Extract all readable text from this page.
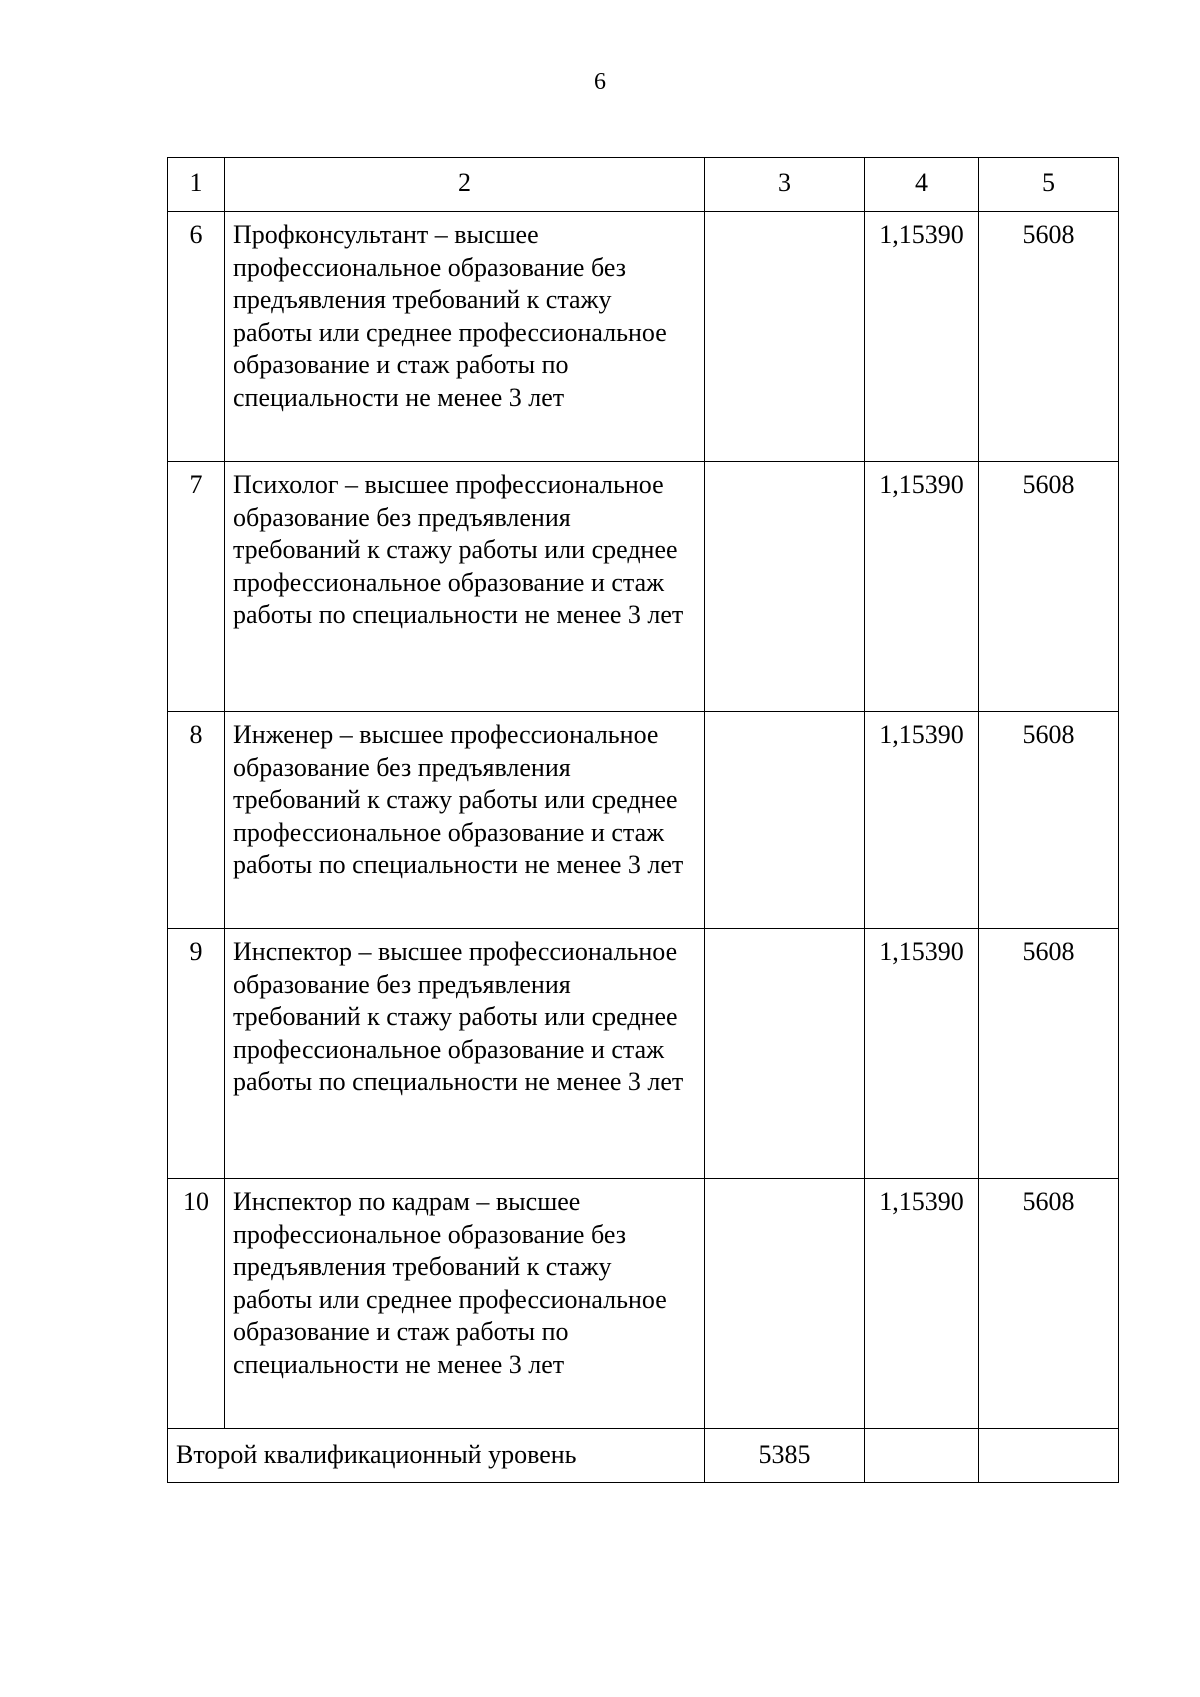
6
1	2	3	4	5
6	Профконсультант – высшее профессиональное образование без предъявления требований к стажу работы или среднее профессиональное образование и стаж работы по специальности не менее 3 лет		1,15390	5608
7	Психолог – высшее профессиональное образование без предъявления требований к стажу работы или среднее профессиональное образование и стаж работы по специальности не менее 3 лет		1,15390	5608
8	Инженер – высшее профессиональное образование без предъявления требований к стажу работы или среднее профессиональное образование и стаж работы по специальности не менее 3 лет		1,15390	5608
9	Инспектор – высшее профессиональное образование без предъявления требований к стажу работы или среднее профессиональное образование и стаж работы по специальности не менее 3 лет		1,15390	5608
10	Инспектор по кадрам – высшее профессиональное образование без предъявления требований к стажу работы или среднее профессиональное образование и стаж работы по специальности не менее 3 лет		1,15390	5608
Второй квалификационный уровень		5385		
